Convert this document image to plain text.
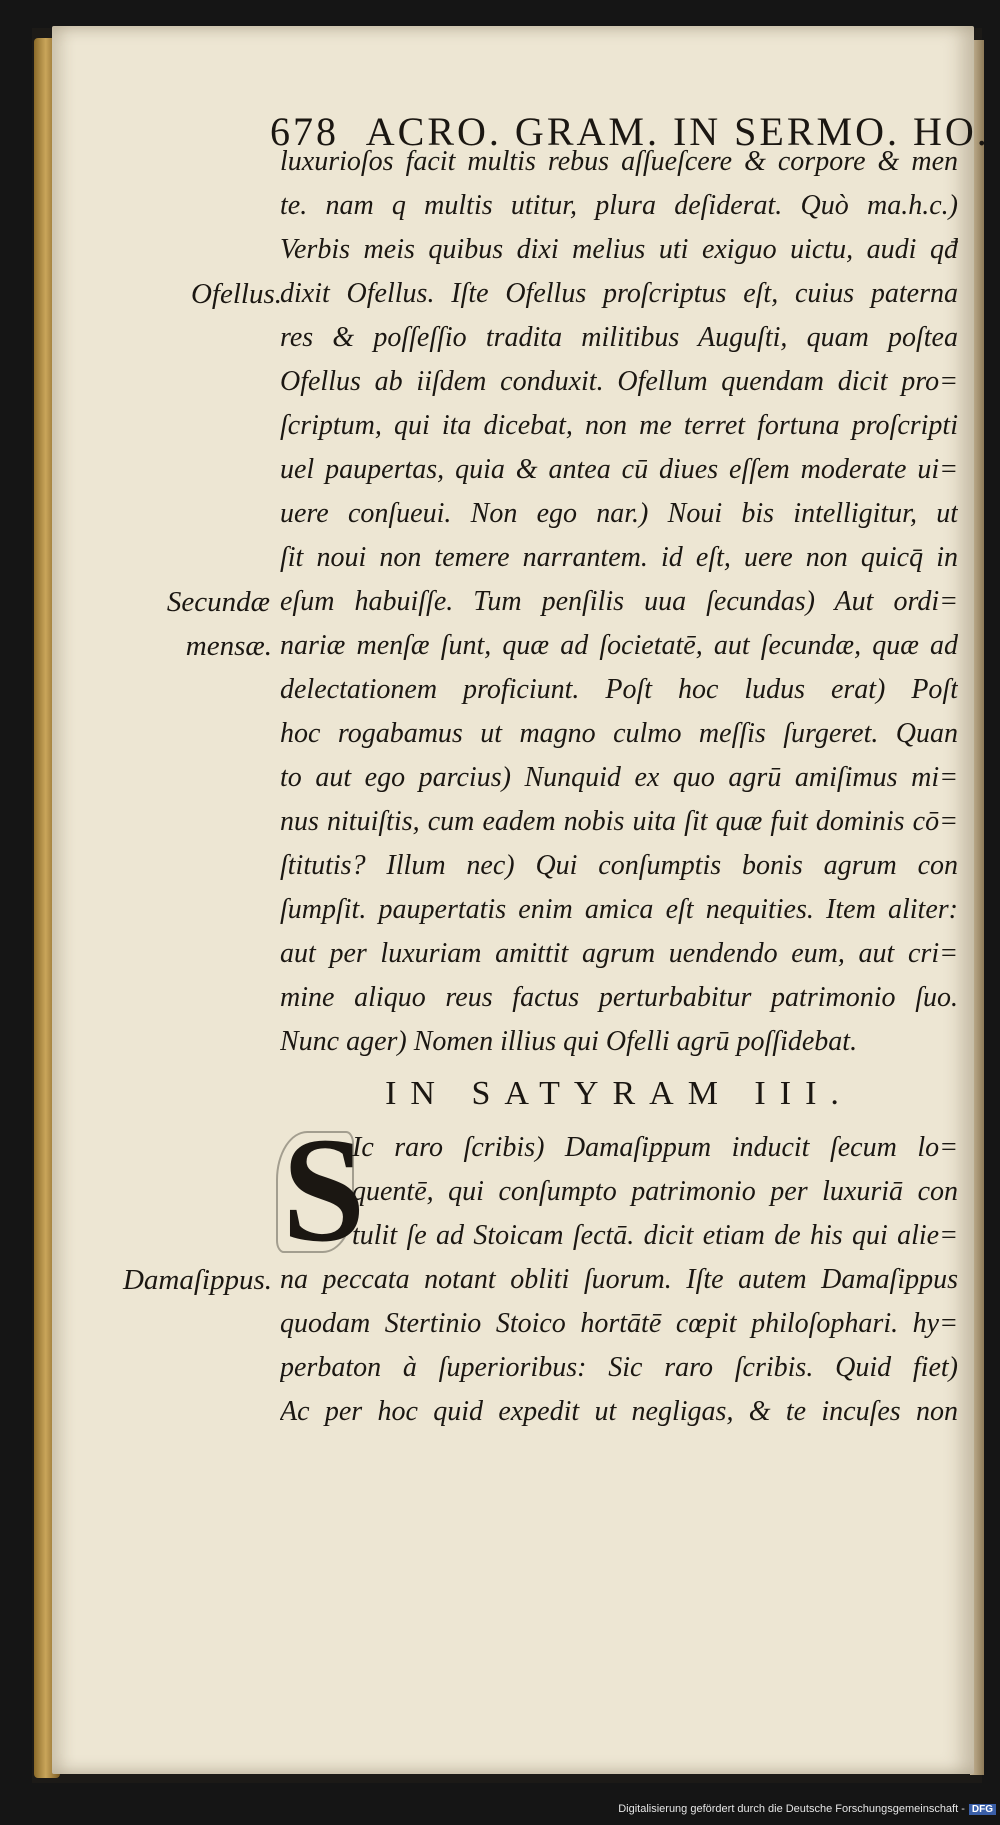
678 ACRO. GRAM. IN SERMO. HO.
luxurioſos facit multis rebus aſſueſcere & corpore & men
te. nam q multis utitur, plura deſiderat. Quò ma.h.c.)
Verbis meis quibus dixi melius uti exiguo uictu, audi qđ
dixit Ofellus. Iſte Ofellus proſcriptus eſt, cuius paterna
res & poſſeſſio tradita militibus Auguſti, quam poſtea
Ofellus ab iiſdem conduxit. Ofellum quendam dicit pro=
ſcriptum, qui ita dicebat, non me terret fortuna proſcripti
uel paupertas, quia & antea cū diues eſſem moderate ui=
uere conſueui. Non ego nar.) Noui bis intelligitur, ut
ſit noui non temere narrantem. id eſt, uere non quicq̄ in
eſum habuiſſe. Tum penſilis uua ſecundas) Aut ordi=
nariæ menſæ ſunt, quæ ad ſocietatē, aut ſecundæ, quæ ad
delectationem proficiunt. Poſt hoc ludus erat) Poſt
hoc rogabamus ut magno culmo meſſis ſurgeret. Quan
to aut ego parcius) Nunquid ex quo agrū amiſimus mi=
nus nituiſtis, cum eadem nobis uita ſit quæ fuit dominis cō=
ſtitutis? Illum nec) Qui conſumptis bonis agrum con
ſumpſit. paupertatis enim amica eſt nequities. Item aliter:
aut per luxuriam amittit agrum uendendo eum, aut cri=
mine aliquo reus factus perturbabitur patrimonio ſuo.
Nunc ager) Nomen illius qui Ofelli agrū poſſidebat.
Ofellus.
Secundæ
mensæ.
Damaſippus.
IN SATYRAM III.
S
Ic raro ſcribis) Damaſippum inducit ſecum lo=
quentē, qui conſumpto patrimonio per luxuriā con
tulit ſe ad Stoicam ſectā. dicit etiam de his qui alie=
na peccata notant obliti ſuorum. Iſte autem Damaſippus
quodam Stertinio Stoico hortātē cœpit philoſophari. hy=
perbaton à ſuperioribus: Sic raro ſcribis. Quid fiet)
Ac per hoc quid expedit ut negligas, & te incuſes non
Digitalisierung gefördert durch die Deutsche Forschungsgemeinschaft - DFG
